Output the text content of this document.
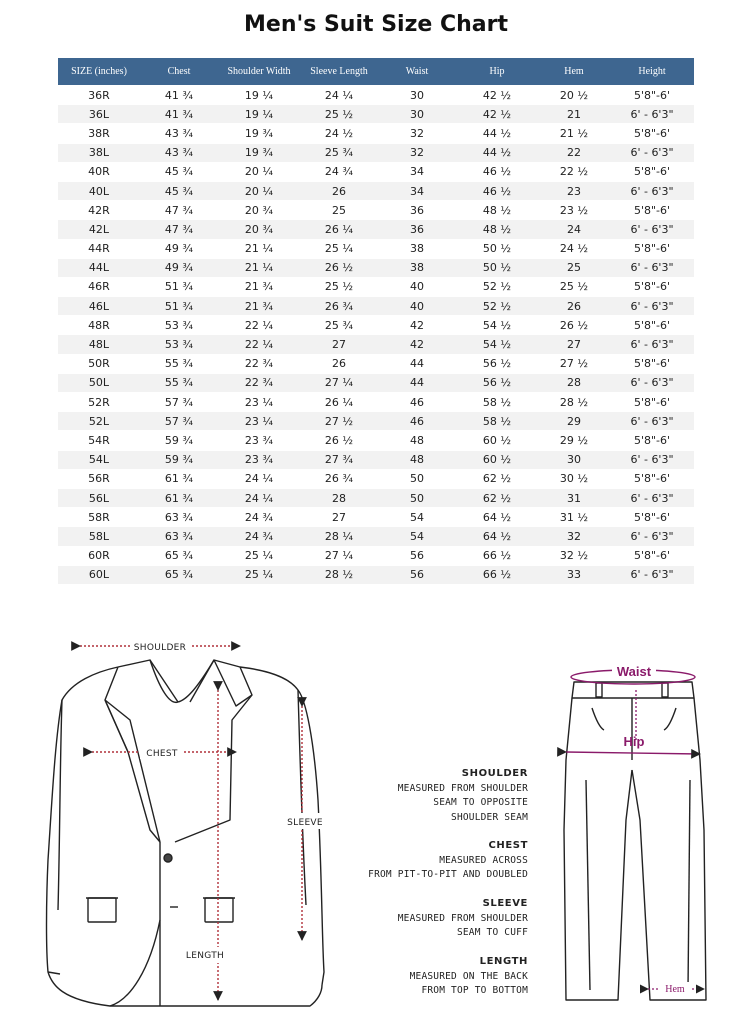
Men's Suit Size Chart
SIZE (inches)	Chest	Shoulder Width	Sleeve Length	Waist	Hip	Hem	Height
36R	41 ¾	19 ¼	24 ¼	30	42 ½	20 ½	5'8"-6'
36L	41 ¾	19 ¼	25 ½	30	42 ½	21	6' - 6'3"
38R	43 ¾	19 ¾	24 ½	32	44 ½	21 ½	5'8"-6'
38L	43 ¾	19 ¾	25 ¾	32	44 ½	22	6' - 6'3"
40R	45 ¾	20 ¼	24 ¾	34	46 ½	22 ½	5'8"-6'
40L	45 ¾	20 ¼	26	34	46 ½	23	6' - 6'3"
42R	47 ¾	20 ¾	25	36	48 ½	23 ½	5'8"-6'
42L	47 ¾	20 ¾	26 ¼	36	48 ½	24	6' - 6'3"
44R	49 ¾	21 ¼	25 ¼	38	50 ½	24 ½	5'8"-6'
44L	49 ¾	21 ¼	26 ½	38	50 ½	25	6' - 6'3"
46R	51 ¾	21 ¾	25 ½	40	52 ½	25 ½	5'8"-6'
46L	51 ¾	21 ¾	26 ¾	40	52 ½	26	6' - 6'3"
48R	53 ¾	22 ¼	25 ¾	42	54 ½	26 ½	5'8"-6'
48L	53 ¾	22 ¼	27	42	54 ½	27	6' - 6'3"
50R	55 ¾	22 ¾	26	44	56 ½	27 ½	5'8"-6'
50L	55 ¾	22 ¾	27 ¼	44	56 ½	28	6' - 6'3"
52R	57 ¾	23 ¼	26 ¼	46	58 ½	28 ½	5'8"-6'
52L	57 ¾	23 ¼	27 ½	46	58 ½	29	6' - 6'3"
54R	59 ¾	23 ¾	26 ½	48	60 ½	29 ½	5'8"-6'
54L	59 ¾	23 ¾	27 ¾	48	60 ½	30	6' - 6'3"
56R	61 ¾	24 ¼	26 ¾	50	62 ½	30 ½	5'8"-6'
56L	61 ¾	24 ¼	28	50	62 ½	31	6' - 6'3"
58R	63 ¾	24 ¾	27	54	64 ½	31 ½	5'8"-6'
58L	63 ¾	24 ¾	28 ¼	54	64 ½	32	6' - 6'3"
60R	65 ¾	25 ¼	27 ¼	56	66 ½	32 ½	5'8"-6'
60L	65 ¾	25 ¼	28 ½	56	66 ½	33	6' - 6'3"
SHOULDER
CHEST
SLEEVE
LENGTH
Waist
Hip
Hem
SHOULDER
MEASURED FROM SHOULDER
SEAM TO OPPOSITE
SHOULDER SEAM
CHEST
MEASURED ACROSS
FROM PIT-TO-PIT AND DOUBLED
SLEEVE
MEASURED FROM SHOULDER
SEAM TO CUFF
LENGTH
MEASURED ON THE BACK
FROM TOP TO BOTTOM
